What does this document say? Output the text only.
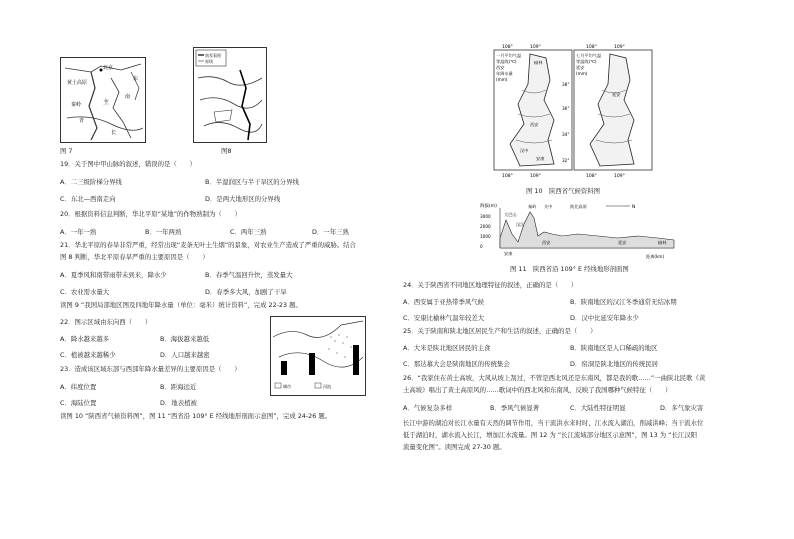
北京
黄土高原
主
青
南
长
东
秦岭
图 7
南零看图
界线
图8
19．关于图中甲山脉的叙述，错误的是（　　）
A．二三级阶梯分界线	B．半湿润区与半干旱区的分界线
C．东北—西南走向	D．是两大地形区的分界线
20．根据资料信息判断，华北平原“某地”的作物熟制为（　　）
A．一年一熟	B．一年两熟	C．两年三熟	D．一年三熟
21．华北平原的春旱非常严重，经常出现“麦条无叶土生烟”的景象，对农业生产造成了严重的威胁。结合
图 8 判断，华北平原春旱严重的主要原因是（　　）
A．夏季风和南带雨带未到来，降水少	B．春季气温回升快，蒸发量大
C．农业需水量大	D．春季多大风，加剧了干旱
读图 9 “我国局部地区图及四地年降水量（单位：毫米）统计资料”，完成 22-23 题。
城市	河流
22．图示区域由东向西（　　）
A．降水越来越多	B．海拔越来越低
C．植被越来越稀少	D．人口越来越密
23．造成该区域东部与西部年降水量差异的主要原因是（　　）
A．纬度位置	B．距海远近
C．海陆位置	D．地表植被
读图 10 “陕西省气候资料图”，图 11 “西省沿 109° E 经线地形剖面示意图”，完成 24-26 题。
108°	109°	108°	109°
一月平均气温
等温线(℃)
西安
年降水量
(mm)
七月平均气温
等温线(℃)
延安
(mm)
榆林
西安
汉中
安康
延安
38°
36°
34°
32°
108°	109°	108°	109°
图 10　陕西省气候资料图
海拔(m)
3000
2000
1000
0
大巴山
汉江
秦岭 关中	陕北高原	N
安康
西安	延安	榆林
距离(km)
图 11　陕西省沿 109° E 经线地形剖面图
24．关于陕西省不同地区地理特征的叙述，正确的是（　　）
A．西安属于亚热带季风气候	B．陕南地区的汉江冬季通常无结冰期
C．安康比榆林气温年较差大	D．汉中比延安年降水少
25．关于陕南和陕北地区居民生产和生活的叙述，正确的是（　　）
A．大米是陕北地区居民的主食	B．陕南地区是人口稀疏的地区
C．那达慕大会是陕南地区的传统集会	D．窑洞是陕北地区的传统民居
26．“我家住在黄土高坡，大风从坡上刮过，不管是西北风还是东南风，都是我的歌……”一曲陕北民歌《黄
土高坡》唱出了黄土高原风的……歌词中的西北风和东南风，反映了我国哪种气候特征（　　）
A．气候复杂多样	B．季风气候显著	C．大陆性特征明显	D．多气象灾害
长江中游的湖泊对长江水量有天然的调节作用，当干流洪水来时时，江水流入湖泊，削减洪峰；当干流水位
低于湖泊时，湖水流入长江，增加江水流量。图 12 为 “长江流域部分地区示意图”，图 13 为 “长江汉阳
流量变化图”。读图完成 27-30 题。
